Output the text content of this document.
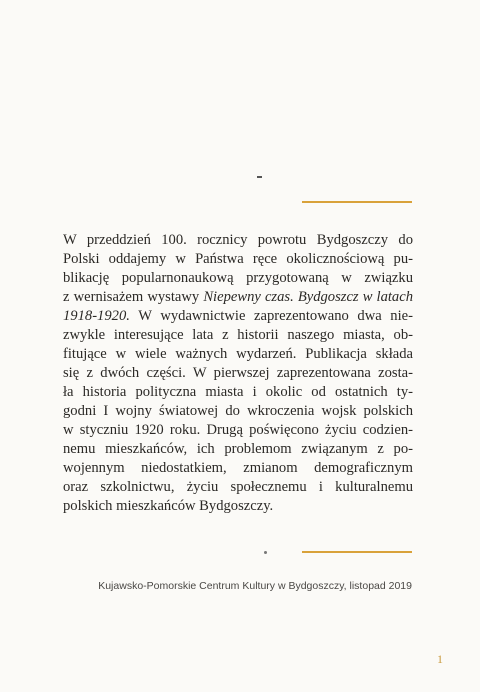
W przeddzień 100. rocznicy powrotu Bydgoszczy do
Polski oddajemy w Państwa ręce okolicznościową pu-
blikację popularnonaukową przygotowaną w związku
z wernisażem wystawy Niepewny czas. Bydgoszcz w latach
1918-1920. W wydawnictwie zaprezentowano dwa nie-
zwykle interesujące lata z historii naszego miasta, ob-
fitujące w wiele ważnych wydarzeń. Publikacja składa
się z dwóch części. W pierwszej zaprezentowana zosta-
ła historia polityczna miasta i okolic od ostatnich ty-
godni I wojny światowej do wkroczenia wojsk polskich
w styczniu 1920 roku. Drugą poświęcono życiu codzien-
nemu mieszkańców, ich problemom związanym z po-
wojennym niedostatkiem, zmianom demograficznym
oraz szkolnictwu, życiu społecznemu i kulturalnemu
polskich mieszkańców Bydgoszczy.

Kujawsko-Pomorskie Centrum Kultury w Bydgoszczy, listopad 2019

1
